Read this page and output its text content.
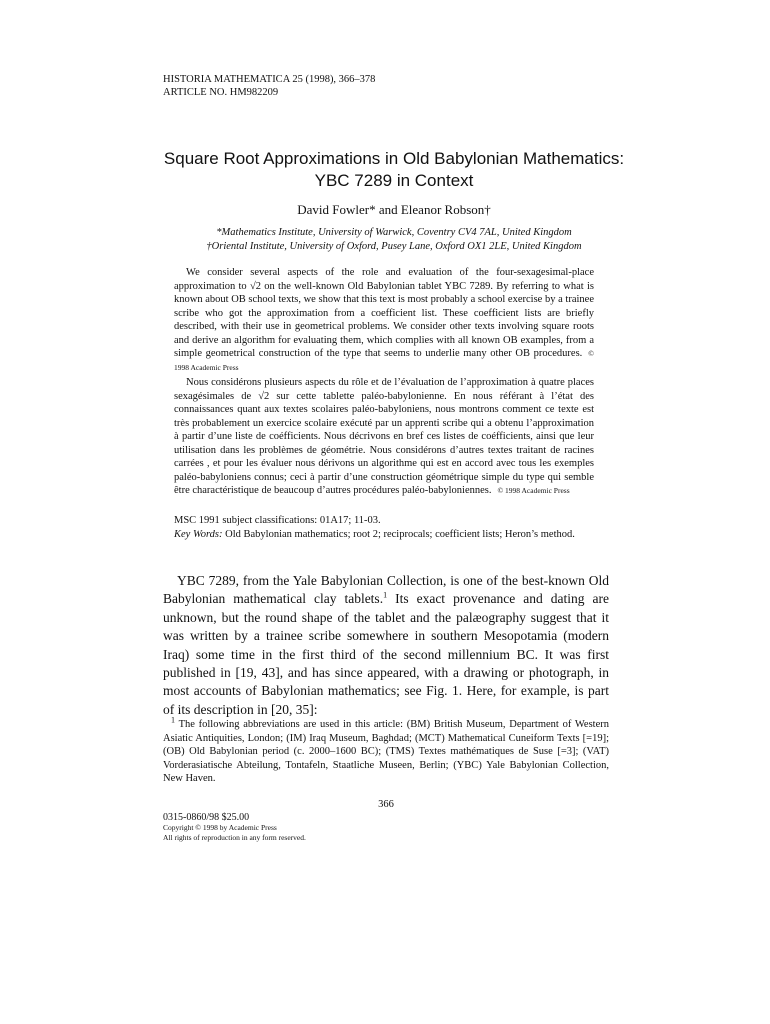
HISTORIA MATHEMATICA 25 (1998), 366–378
ARTICLE NO. HM982209
Square Root Approximations in Old Babylonian Mathematics:
YBC 7289 in Context
David Fowler* and Eleanor Robson†
*Mathematics Institute, University of Warwick, Coventry CV4 7AL, United Kingdom
†Oriental Institute, University of Oxford, Pusey Lane, Oxford OX1 2LE, United Kingdom

We consider several aspects of the role and evaluation of the four-sexagesimal-place approximation to √2 on the well-known Old Babylonian tablet YBC 7289. By referring to what is known about OB school texts, we show that this text is most probably a school exercise by a trainee scribe who got the approximation from a coefficient list. These coefficient lists are briefly described, with their use in geometrical problems. We consider other texts involving square roots and derive an algorithm for evaluating them, which complies with all known OB examples, from a simple geometrical construction of the type that seems to underlie many other OB procedures. © 1998 Academic Press

Nous considérons plusieurs aspects du rôle et de l’évaluation de l’approximation à quatre places sexagésimales de √2 sur cette tablette paléo-babylonienne. En nous référant à l’état des connaissances quant aux textes scolaires paléo-babyloniens, nous montrons comment ce texte est très probablement un exercice scolaire exécuté par un apprenti scribe qui a obtenu l’approximation à partir d’une liste de coéfficients. Nous décrivons en bref ces listes de coéfficients, ainsi que leur utilisation dans les problèmes de géométrie. Nous considérons d’autres textes traitant de racines carrées , et pour les évaluer nous dérivons un algorithme qui est en accord avec tous les exemples paléo-babyloniens connus; ceci à partir d’une construction géométrique simple du type qui semble être charactéristique de beaucoup d’autres procédures paléo-babyloniennes. © 1998 Academic Press

MSC 1991 subject classifications: 01A17; 11-03.
Key Words: Old Babylonian mathematics; root 2; reciprocals; coefficient lists; Heron’s method.

YBC 7289, from the Yale Babylonian Collection, is one of the best-known Old Babylonian mathematical clay tablets.$^1$ Its exact provenance and dating are unknown, but the round shape of the tablet and the palæography suggest that it was written by a trainee scribe somewhere in southern Mesopotamia (modern Iraq) some time in the first third of the second millennium BC. It was first published in [19, 43], and has since appeared, with a drawing or photograph, in most accounts of Babylonian mathematics; see Fig. 1. Here, for example, is part of its description in [20, 35]:

$^1$ The following abbreviations are used in this article: (BM) British Museum, Department of Western Asiatic Antiquities, London; (IM) Iraq Museum, Baghdad; (MCT) Mathematical Cuneiform Texts [=19]; (OB) Old Babylonian period (c. 2000–1600 BC); (TMS) Textes mathématiques de Suse [=3]; (VAT) Vorderasiatische Abteilung, Tontafeln, Staatliche Museen, Berlin; (YBC) Yale Babylonian Collection, New Haven.

366
0315-0860/98 $25.00
Copyright © 1998 by Academic Press
All rights of reproduction in any form reserved.
